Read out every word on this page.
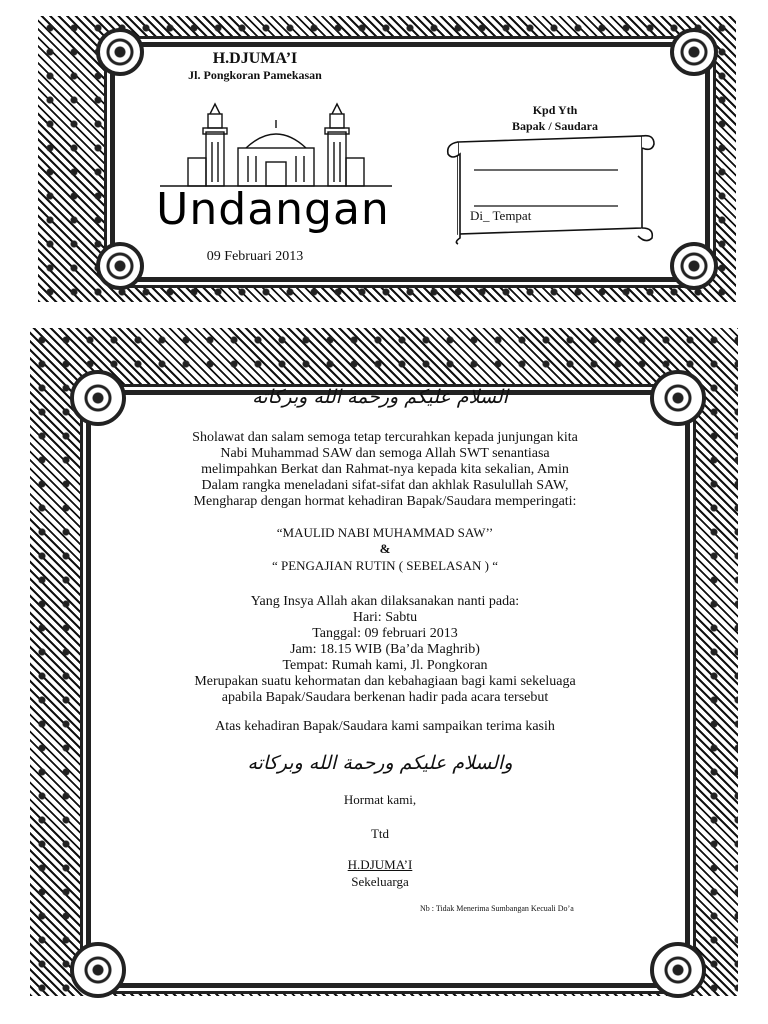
H.DJUMA’I
Jl. Pongkoran Pamekasan
Undangan
09 Februari 2013
Kpd Yth
Bapak / Saudara
Di_ Tempat
السلام عليكم ورحمة الله وبركاته
Sholawat dan salam semoga tetap tercurahkan kepada junjungan kita
Nabi Muhammad SAW dan semoga Allah SWT senantiasa
melimpahkan Berkat dan Rahmat-nya kepada kita sekalian, Amin
Dalam rangka meneladani sifat-sifat dan akhlak Rasulullah SAW,
Mengharap dengan hormat kehadiran Bapak/Saudara memperingati:
“MAULID NABI MUHAMMAD SAW’’
&
“ PENGAJIAN RUTIN ( SEBELASAN ) “
Yang Insya Allah akan dilaksanakan nanti pada:
Hari: Sabtu
Tanggal: 09 februari 2013
Jam: 18.15 WIB (Ba’da Maghrib)
Tempat: Rumah kami, Jl. Pongkoran
Merupakan suatu kehormatan dan kebahagiaan bagi kami sekeluaga
apabila Bapak/Saudara berkenan hadir pada acara tersebut
Atas kehadiran Bapak/Saudara kami sampaikan terima kasih
والسلام عليكم ورحمة الله وبركاته
Hormat kami,
Ttd
H.DJUMA’I
Sekeluarga
Nb : Tidak Menerima Sumbangan Kecuali Do’a
